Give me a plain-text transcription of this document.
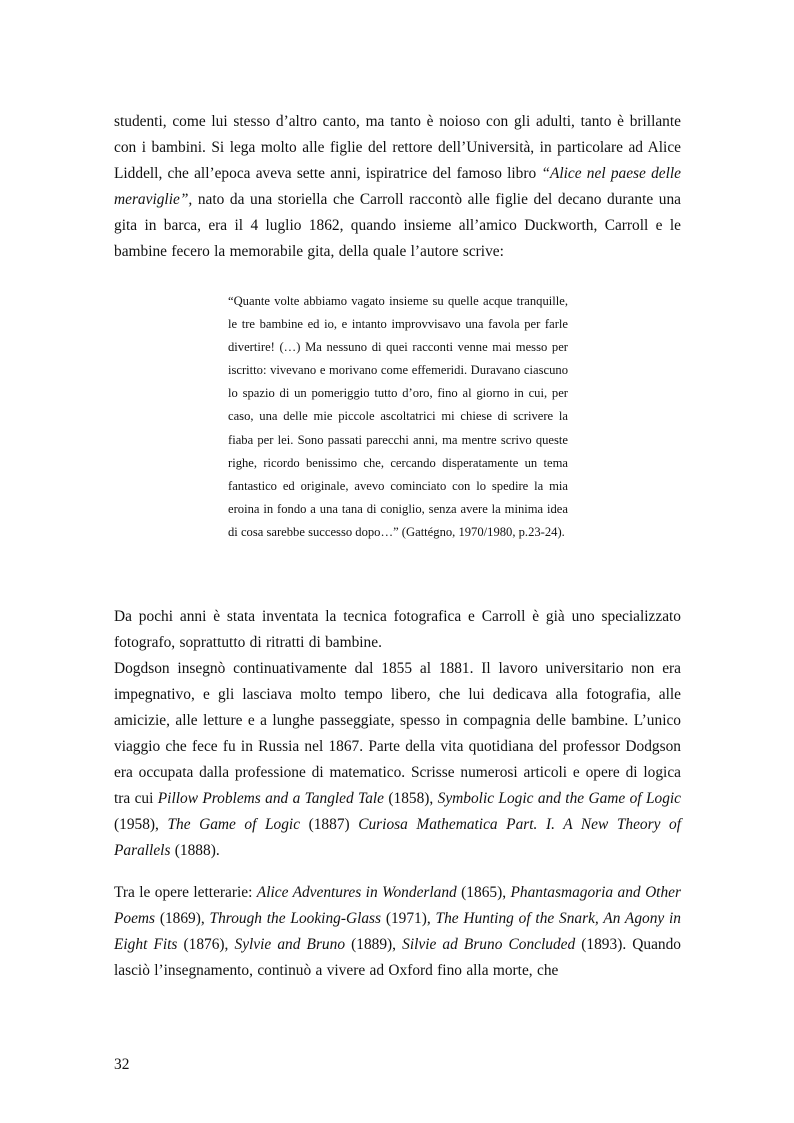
studenti, come lui stesso d’altro canto, ma tanto è noioso con gli adulti, tanto è brillante con i bambini. Si lega molto alle figlie del rettore dell’Università, in particolare ad Alice Liddell, che all’epoca aveva sette anni, ispiratrice del famoso libro “Alice nel paese delle meraviglie”, nato da una storiella che Carroll raccontò alle figlie del decano durante una gita in barca, era il 4 luglio 1862, quando insieme all’amico Duckworth, Carroll e le bambine fecero la memorabile gita, della quale l’autore scrive:

“Quante volte abbiamo vagato insieme su quelle acque tranquille, le tre bambine ed io, e intanto improvvisavo una favola per farle divertire! (…) Ma nessuno di quei racconti venne mai messo per iscritto: vivevano e morivano come effemeridi. Duravano ciascuno lo spazio di un pomeriggio tutto d’oro, fino al giorno in cui, per caso, una delle mie piccole ascoltatrici mi chiese di scrivere la fiaba per lei. Sono passati parecchi anni, ma mentre scrivo queste righe, ricordo benissimo che, cercando disperatamente un tema fantastico ed originale, avevo cominciato con lo spedire la mia eroina in fondo a una tana di coniglio, senza avere la minima idea di cosa sarebbe successo dopo…” (Gattégno, 1970/1980, p.23-24).

Da pochi anni è stata inventata la tecnica fotografica e Carroll è già uno specializzato fotografo, soprattutto di ritratti di bambine.

Dogdson insegnò continuativamente dal 1855 al 1881. Il lavoro universitario non era impegnativo, e gli lasciava molto tempo libero, che lui dedicava alla fotografia, alle amicizie, alle letture e a lunghe passeggiate, spesso in compagnia delle bambine. L’unico viaggio che fece fu in Russia nel 1867. Parte della vita quotidiana del professor Dodgson era occupata dalla professione di matematico. Scrisse numerosi articoli e opere di logica tra cui Pillow Problems and a Tangled Tale (1858), Symbolic Logic and the Game of Logic (1958), The Game of Logic (1887) Curiosa Mathematica Part. I. A New Theory of Parallels (1888).

Tra le opere letterarie: Alice Adventures in Wonderland (1865), Phantasmagoria and Other Poems (1869), Through the Looking-Glass (1971), The Hunting of the Snark, An Agony in Eight Fits (1876), Sylvie and Bruno (1889), Silvie ad Bruno Concluded (1893). Quando lasciò l’insegnamento, continuò a vivere ad Oxford fino alla morte, che

32
